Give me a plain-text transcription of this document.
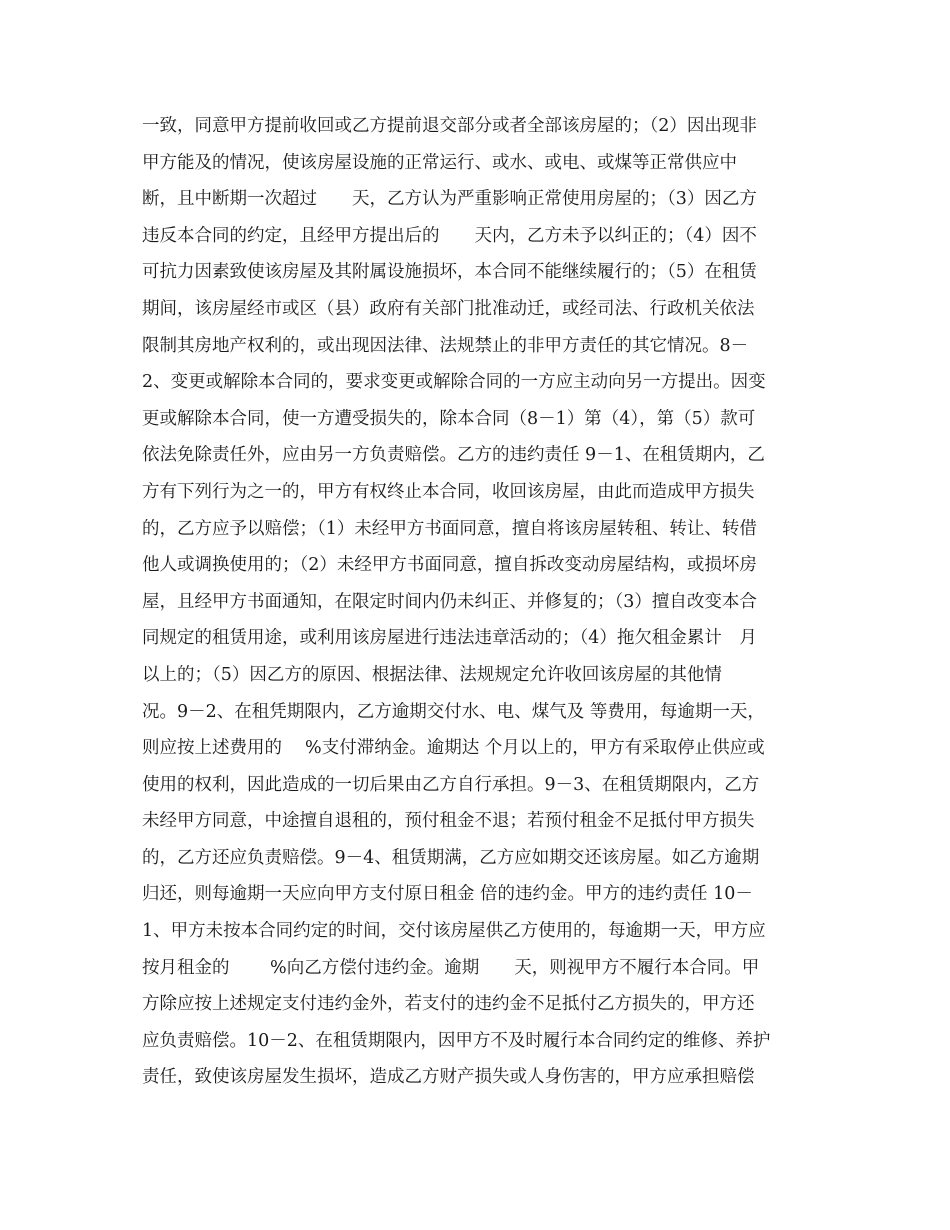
一致，同意甲方提前收回或乙方提前退交部分或者全部该房屋的；（2）因出现非
甲方能及的情况，使该房屋设施的正常运行、或水、或电、或煤等正常供应中
断，且中断期一次超过　　天，乙方认为严重影响正常使用房屋的；（3）因乙方
违反本合同的约定，且经甲方提出后的　　天内，乙方未予以纠正的；（4）因不
可抗力因素致使该房屋及其附属设施损坏，本合同不能继续履行的；（5）在租赁
期间，该房屋经市或区（县）政府有关部门批准动迁，或经司法、行政机关依法
限制其房地产权利的，或出现因法律、法规禁止的非甲方责任的其它情况。8－
2、变更或解除本合同的，要求变更或解除合同的一方应主动向另一方提出。因变
更或解除本合同，使一方遭受损失的，除本合同（8－1）第（4），第（5）款可
依法免除责任外，应由另一方负责赔偿。乙方的违约责任 9－1、在租赁期内，乙
方有下列行为之一的，甲方有权终止本合同，收回该房屋，由此而造成甲方损失
的，乙方应予以赔偿；（1）未经甲方书面同意，擅自将该房屋转租、转让、转借
他人或调换使用的；（2）未经甲方书面同意，擅自拆改变动房屋结构，或损坏房
屋，且经甲方书面通知，在限定时间内仍未纠正、并修复的；（3）擅自改变本合
同规定的租赁用途，或利用该房屋进行违法违章活动的；（4）拖欠租金累计　月
以上的；（5）因乙方的原因、根据法律、法规规定允许收回该房屋的其他情
况。9－2、在租凭期限内，乙方逾期交付水、电、煤气及 等费用，每逾期一天，
则应按上述费用的　 %支付滞纳金。逾期达 个月以上的，甲方有采取停止供应或
使用的权利，因此造成的一切后果由乙方自行承担。9－3、在租赁期限内，乙方
未经甲方同意，中途擅自退租的，预付租金不退；若预付租金不足抵付甲方损失
的，乙方还应负责赔偿。9－4、租赁期满，乙方应如期交还该房屋。如乙方逾期
归还，则每逾期一天应向甲方支付原日租金 倍的违约金。甲方的违约责任 10－
1、甲方未按本合同约定的时间，交付该房屋供乙方使用的，每逾期一天，甲方应
按月租金的　　 %向乙方偿付违约金。逾期　　天，则视甲方不履行本合同。甲
方除应按上述规定支付违约金外，若支付的违约金不足抵付乙方损失的，甲方还
应负责赔偿。10－2、在租赁期限内，因甲方不及时履行本合同约定的维修、养护
责任，致使该房屋发生损坏，造成乙方财产损失或人身伤害的，甲方应承担赔偿
